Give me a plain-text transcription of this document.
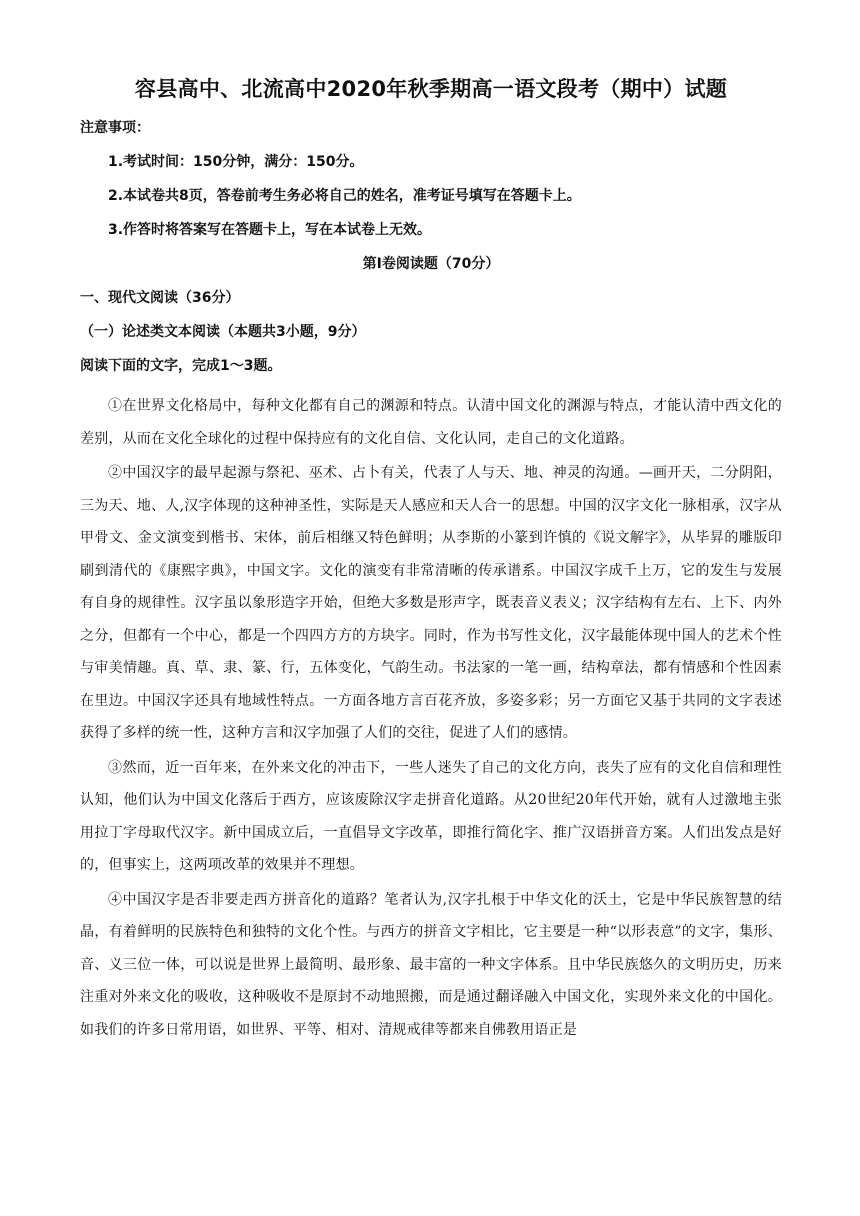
容县高中、北流高中2020年秋季期高一语文段考（期中）试题
注意事项：
1.考试时间：150分钟，满分：150分。
2.本试卷共8页，答卷前考生务必将自己的姓名，准考证号填写在答题卡上。
3.作答时将答案写在答题卡上，写在本试卷上无效。
第Ⅰ卷阅读题（70分）
一、现代文阅读（36分）
（一）论述类文本阅读（本题共3小题，9分）
阅读下面的文字，完成1～3题。

①在世界文化格局中，每种文化都有自己的渊源和特点。认清中国文化的渊源与特点，才能认清中西文化的差别，从而在文化全球化的过程中保持应有的文化自信、文化认同，走自己的文化道路。

②中国汉字的最早起源与祭祀、巫术、占卜有关，代表了人与天、地、神灵的沟通。—画开天，二分阴阳，三为天、地、人,汉字体现的这种神圣性，实际是天人感应和天人合一的思想。中国的汉字文化一脉相承，汉字从甲骨文、金文演变到楷书、宋体，前后相继又特色鲜明；从李斯的小篆到许慎的《说文解字》，从毕昇的雕版印刷到清代的《康熙字典》，中国文字。文化的演变有非常清晰的传承谱系。中国汉字成千上万，它的发生与发展有自身的规律性。汉字虽以象形造字开始，但绝大多数是形声字，既表音义表义；汉字结构有左右、上下、内外之分，但都有一个中心，都是一个四四方方的方块字。同时，作为书写性文化，汉字最能体现中国人的艺术个性与审美情趣。真、草、隶、篆、行，五体变化，气韵生动。书法家的一笔一画，结构章法，都有情感和个性因素在里边。中国汉字还具有地域性特点。一方面各地方言百花齐放，多姿多彩；另一方面它又基于共同的文字表述获得了多样的统一性，这种方言和汉字加强了人们的交往，促进了人们的感情。

③然而，近一百年来，在外来文化的冲击下，一些人迷失了自己的文化方向，丧失了应有的文化自信和理性认知，他们认为中国文化落后于西方，应该废除汉字走拼音化道路。从20世纪20年代开始，就有人过激地主张用拉丁字母取代汉字。新中国成立后，一直倡导文字改革，即推行简化字、推广汉语拼音方案。人们出发点是好的，但事实上，这两项改革的效果并不理想。

④中国汉字是否非要走西方拼音化的道路？笔者认为,汉字扎根于中华文化的沃土，它是中华民族智慧的结晶，有着鲜明的民族特色和独特的文化个性。与西方的拼音文字相比，它主要是一种“以形表意”的文字，集形、音、义三位一体，可以说是世界上最简明、最形象、最丰富的一种文字体系。且中华民族悠久的文明历史，历来注重对外来文化的吸收，这种吸收不是原封不动地照搬，而是通过翻译融入中国文化，实现外来文化的中国化。如我们的许多日常用语，如世界、平等、相对、清规戒律等都来自佛教用语正是
